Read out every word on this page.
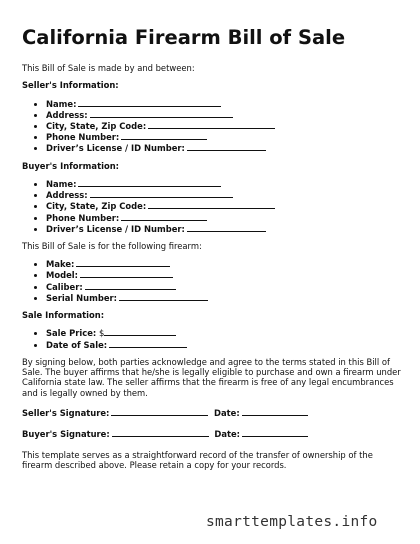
California Firearm Bill of Sale

This Bill of Sale is made by and between:

Seller's Information:

• Name:
• Address:
• City, State, Zip Code:
• Phone Number:
• Driver’s License / ID Number:

Buyer's Information:

• Name:
• Address:
• City, State, Zip Code:
• Phone Number:
• Driver’s License / ID Number:

This Bill of Sale is for the following firearm:

• Make:
• Model:
• Caliber:
• Serial Number:

Sale Information:

• Sale Price: $
• Date of Sale:

By signing below, both parties acknowledge and agree to the terms stated in this Bill of Sale. The buyer affirms that he/she is legally eligible to purchase and own a firearm under California state law. The seller affirms that the firearm is free of any legal encumbrances and is legally owned by them.

Seller's Signature:	Date:

Buyer's Signature:	Date:

This template serves as a straightforward record of the transfer of ownership of the firearm described above. Please retain a copy for your records.

smarttemplates.info
